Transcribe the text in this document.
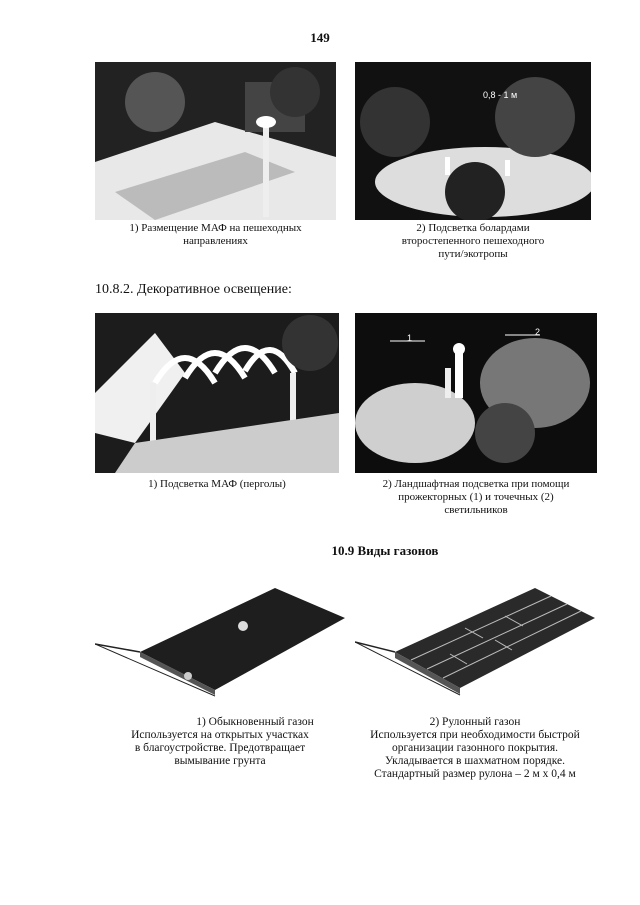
149
0,8 - 1 м
1) Размещение МАФ на пешеходных
направлениях
2) Подсветка болардами
второстепенного пешеходного
пути/экотропы
10.8.2. Декоративное освещение:
1
2
1) Подсветка МАФ (перголы)	2) Ландшафтная подсветка при помощи
прожекторных (1) и точечных (2)
светильников
10.9 Виды газонов
1) Обыкновенный газон
Используется на открытых участках
в благоустройстве. Предотвращает
вымывание грунта
2) Рулонный газон
Используется при необходимости быстрой
организации газонного покрытия.
Укладывается в шахматном порядке.
Стандартный размер рулона – 2 м х 0,4 м
